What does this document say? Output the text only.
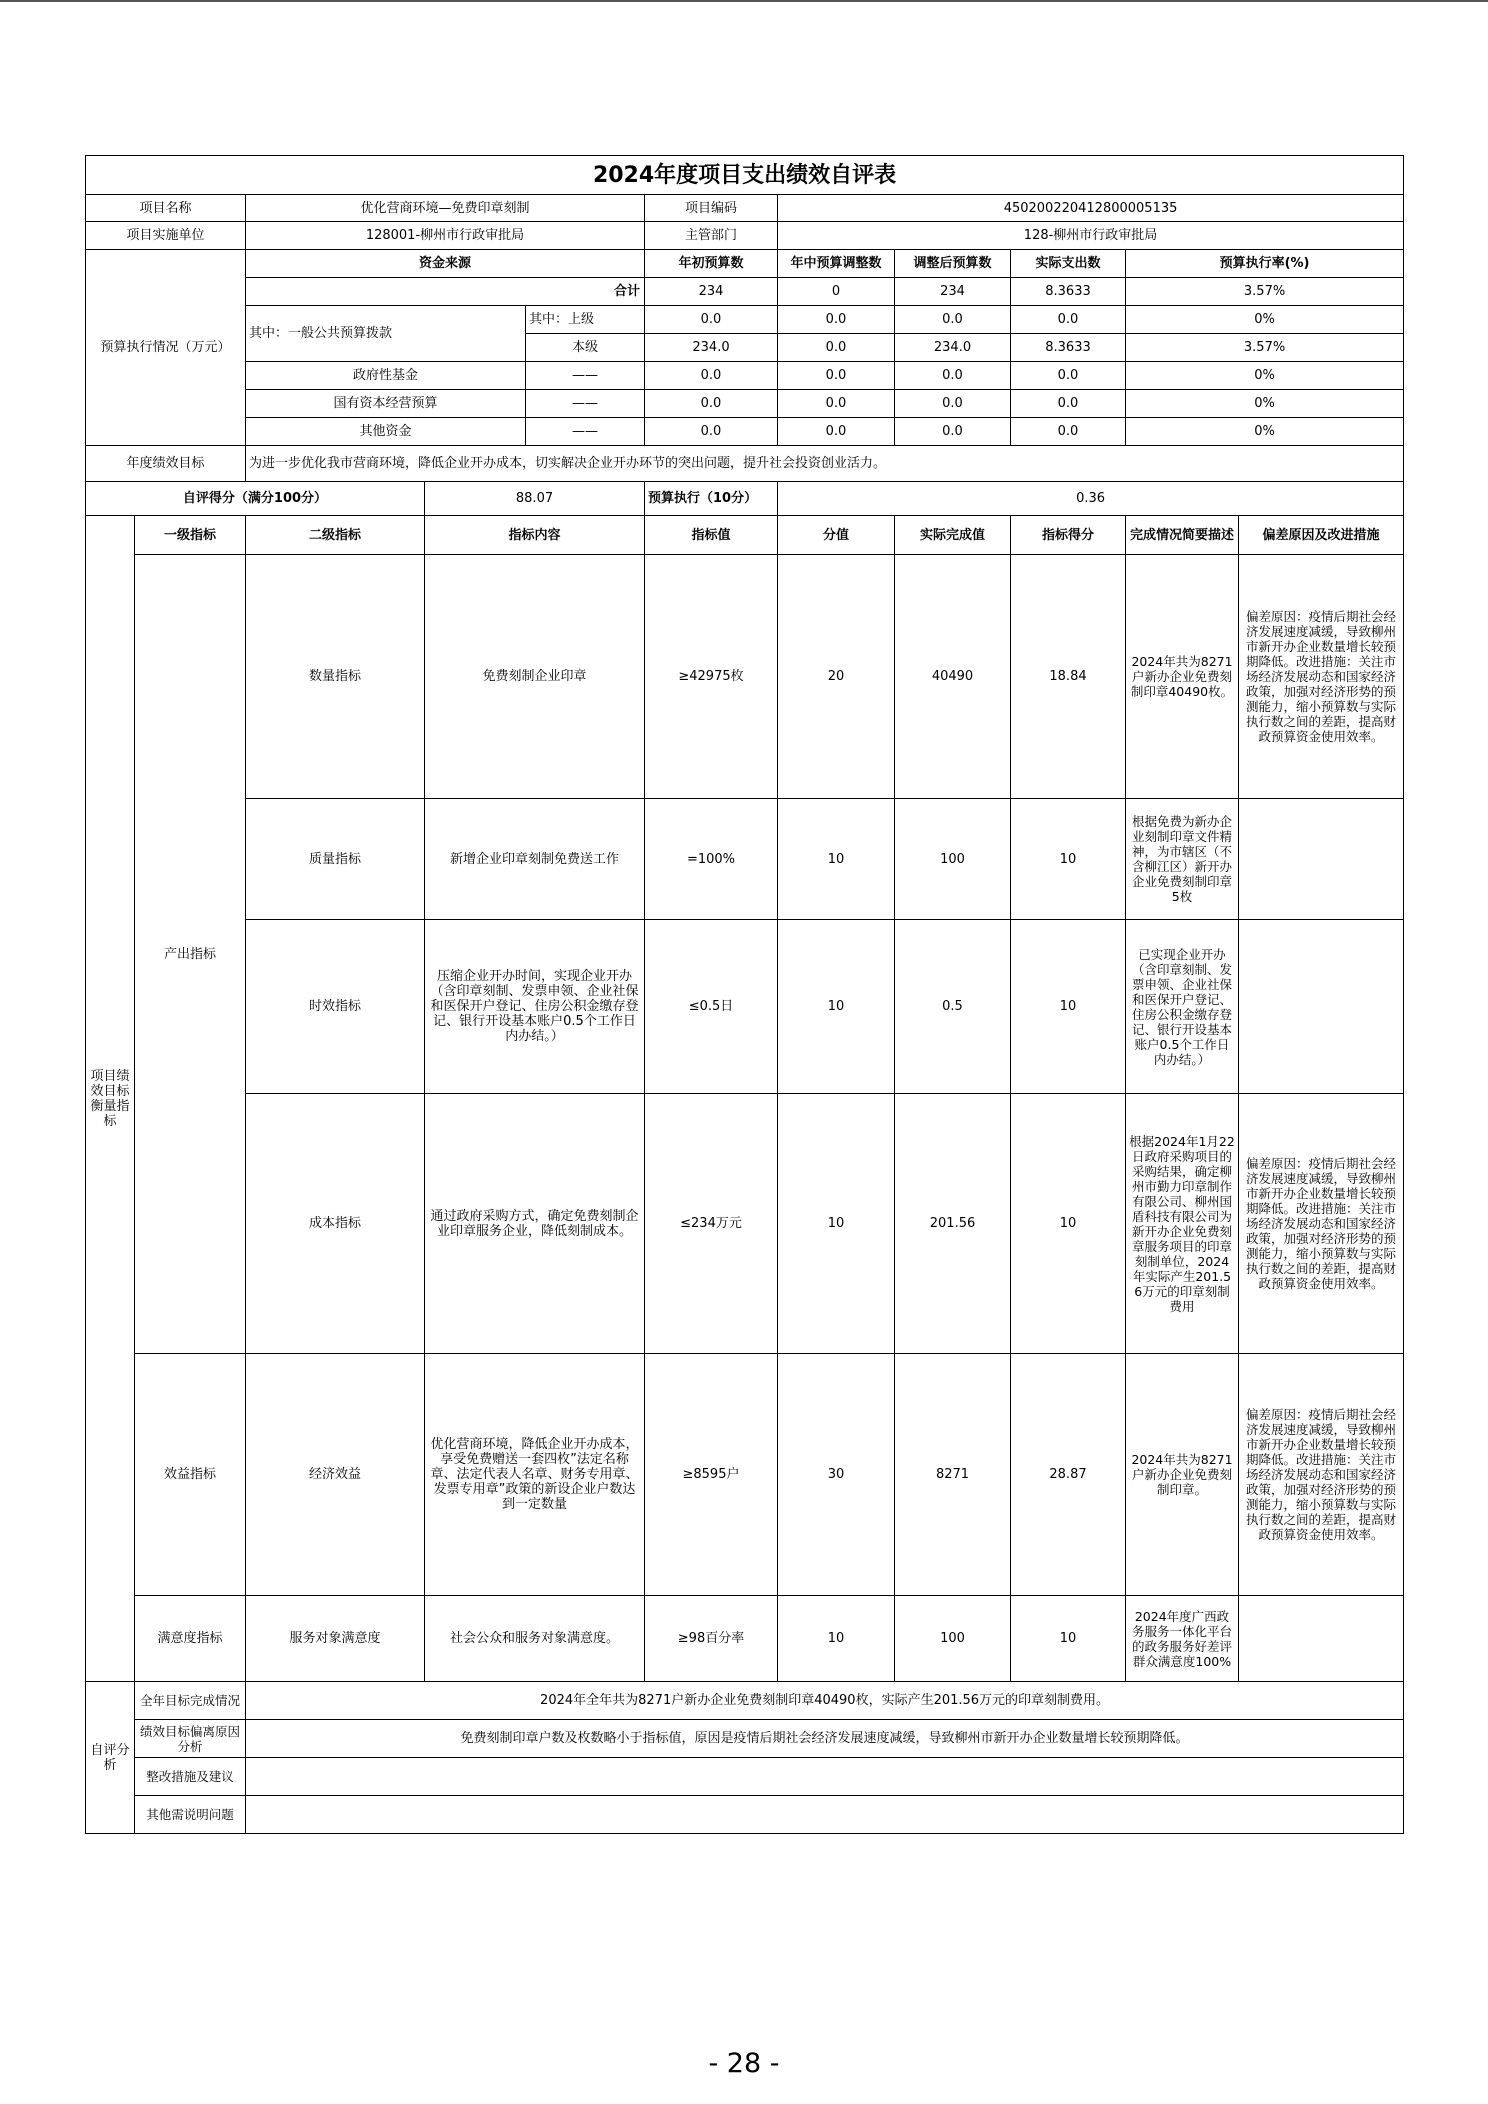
2024年度项目支出绩效自评表										
项目名称		优化营商环境—免费印章刻制			项目编码	450200220412800005135				
项目实施单位		128001-柳州市行政审批局			主管部门	128-柳州市行政审批局				
预算执行情况（万元）		资金来源			年初预算数	年中预算调整数	调整后预算数	实际支出数	预算执行率(%)	
		合计			234	0	234	8.3633	3.57%	
		其中：一般公共预算拨款		其中：上级	0.0	0.0	0.0	0.0	0%	
				本级	234.0	0.0	234.0	8.3633	3.57%	
		政府性基金		——	0.0	0.0	0.0	0.0	0%	
		国有资本经营预算		——	0.0	0.0	0.0	0.0	0%	
		其他资金		——	0.0	0.0	0.0	0.0	0%	
年度绩效目标		为进一步优化我市营商环境，降低企业开办成本，切实解决企业开办环节的突出问题，提升社会投资创业活力。								
自评得分（满分100分）			88.07		预算执行（10分）	0.36				
项目绩效目标衡量指标	一级指标	二级指标	指标内容		指标值	分值	实际完成值	指标得分	完成情况简要描述	偏差原因及改进措施
	产出指标	数量指标	免费刻制企业印章		≥42975枚	20	40490	18.84	2024年共为8271户新办企业免费刻制印章40490枚。	偏差原因：疫情后期社会经济发展速度减缓，导致柳州市新开办企业数量增长较预期降低。改进措施：关注市场经济发展动态和国家经济政策，加强对经济形势的预测能力，缩小预算数与实际执行数之间的差距，提高财政预算资金使用效率。
		质量指标	新增企业印章刻制免费送工作		=100%	10	100	10	根据免费为新办企业刻制印章文件精神，为市辖区（不含柳江区）新开办企业免费刻制印章5枚	
		时效指标	压缩企业开办时间，实现企业开办（含印章刻制、发票申领、企业社保和医保开户登记、住房公积金缴存登记、银行开设基本账户0.5个工作日内办结。）		≤0.5日	10	0.5	10	已实现企业开办（含印章刻制、发票申领、企业社保和医保开户登记、住房公积金缴存登记、银行开设基本账户0.5个工作日内办结。）	
		成本指标	通过政府采购方式，确定免费刻制企业印章服务企业，降低刻制成本。		≤234万元	10	201.56	10	根据2024年1月22日政府采购项目的采购结果，确定柳州市勤力印章制作有限公司、柳州国盾科技有限公司为新开办企业免费刻章服务项目的印章刻制单位，2024年实际产生201.56万元的印章刻制费用	偏差原因：疫情后期社会经济发展速度减缓，导致柳州市新开办企业数量增长较预期降低。改进措施：关注市场经济发展动态和国家经济政策，加强对经济形势的预测能力，缩小预算数与实际执行数之间的差距，提高财政预算资金使用效率。
	效益指标	经济效益	优化营商环境，降低企业开办成本，享受免费赠送一套四枚”法定名称章、法定代表人名章、财务专用章、发票专用章”政策的新设企业户数达到一定数量		≥8595户	30	8271	28.87	2024年共为8271户新办企业免费刻制印章。	偏差原因：疫情后期社会经济发展速度减缓，导致柳州市新开办企业数量增长较预期降低。改进措施：关注市场经济发展动态和国家经济政策，加强对经济形势的预测能力，缩小预算数与实际执行数之间的差距，提高财政预算资金使用效率。
	满意度指标	服务对象满意度	社会公众和服务对象满意度。		≥98百分率	10	100	10	2024年度广西政务服务一体化平台的政务服务好差评群众满意度100%	
自评分析	全年目标完成情况	2024年全年共为8271户新办企业免费刻制印章40490枚，实际产生201.56万元的印章刻制费用。								
	绩效目标偏离原因分析	免费刻制印章户数及枚数略小于指标值，原因是疫情后期社会经济发展速度减缓，导致柳州市新开办企业数量增长较预期降低。								
	整改措施及建议									
	其他需说明问题									
- 28 -
